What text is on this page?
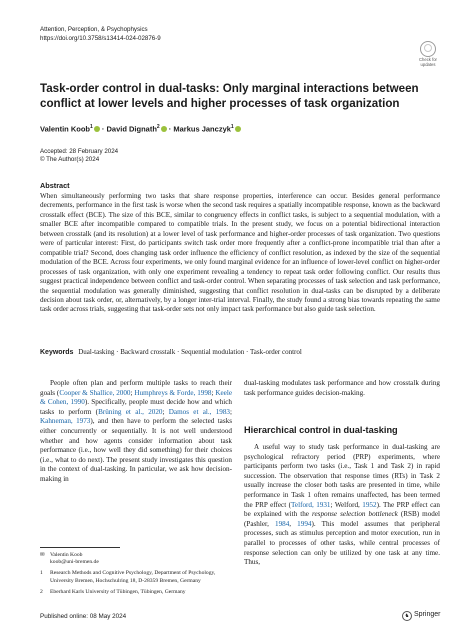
Attention, Perception, & Psychophysics
https://doi.org/10.3758/s13414-024-02876-9
Check for
updates
Task-order control in dual-tasks: Only marginal interactions between conflict at lower levels and higher processes of task organization
Valentin Koob$^1$ · David Dignath$^2$ · Markus Janczyk$^1$
Accepted: 28 February 2024
© The Author(s) 2024
Abstract
When simultaneously performing two tasks that share response properties, interference can occur. Besides general performance decrements, performance in the first task is worse when the second task requires a spatially incompatible response, known as the backward crosstalk effect (BCE). The size of this BCE, similar to congruency effects in conflict tasks, is subject to a sequential modulation, with a smaller BCE after incompatible compared to compatible trials. In the present study, we focus on a potential bidirectional interaction between crosstalk (and its resolution) at a lower level of task performance and higher-order processes of task organization. Two questions were of particular interest: First, do participants switch task order more frequently after a conflict-prone incompatible trial than after a compatible trial? Second, does changing task order influence the efficiency of conflict resolution, as indexed by the size of the sequential modulation of the BCE. Across four experiments, we only found marginal evidence for an influence of lower-level conflict on higher-order processes of task organization, with only one experiment revealing a tendency to repeat task order following conflict. Our results thus suggest practical independence between conflict and task-order control. When separating processes of task selection and task performance, the sequential modulation was generally diminished, suggesting that conflict resolution in dual-tasks can be disrupted by a deliberate decision about task order, or, alternatively, by a longer inter-trial interval. Finally, the study found a strong bias towards repeating the same task order across trials, suggesting that task-order sets not only impact task performance but also guide task selection.
Keywords Dual-tasking · Backward crosstalk · Sequential modulation · Task-order control
People often plan and perform multiple tasks to reach their goals (Cooper & Shallice, 2000; Humphreys & Forde, 1998; Keele & Cohen, 1990). Specifically, people must decide how and which tasks to perform (Brüning et al., 2020; Damos et al., 1983; Kahneman, 1973), and then have to perform the selected tasks either concurrently or sequentially. It is not well understood whether and how agents consider information about task performance (i.e., how well they did something) for their choices (i.e., what to do next). The present study investigates this question in the context of dual-tasking. In particular, we ask how decision-making in
dual-tasking modulates task performance and how crosstalk during task performance guides decision-making.
Hierarchical control in dual-tasking
A useful way to study task performance in dual-tasking are psychological refractory period (PRP) experiments, where participants perform two tasks (i.e., Task 1 and Task 2) in rapid succession. The observation that response times (RTs) in Task 2 usually increase the closer both tasks are presented in time, while performance in Task 1 often remains unaffected, has been termed the PRP effect (Telford, 1931; Welford, 1952). The PRP effect can be explained with the response selection bottleneck (RSB) model (Pashler, 1984, 1994). This model assumes that peripheral processes, such as stimulus perception and motor execution, run in parallel to processes of other tasks, while central processes of response selection can only be utilized by one task at any time. Thus,
✉ Valentin Koob
koob@uni-bremen.de
1	Research Methods and Cognitive Psychology, Department of Psychology, University Bremen, Hochschulring 18, D-28359 Bremen, Germany
2	Eberhard Karls University of Tübingen, Tübingen, Germany
Published online: 08 May 2024	♞ Springer
